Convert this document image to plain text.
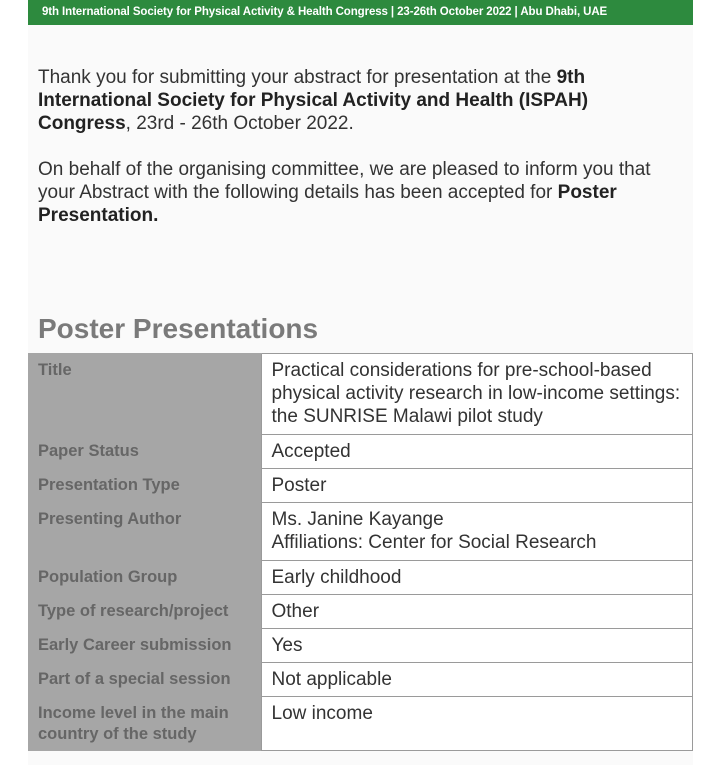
9th International Society for Physical Activity & Health Congress | 23-26th October 2022 | Abu Dhabi, UAE

Thank you for submitting your abstract for presentation at the 9th International Society for Physical Activity and Health (ISPAH) Congress, 23rd - 26th October 2022.

On behalf of the organising committee, we are pleased to inform you that your Abstract with the following details has been accepted for Poster Presentation.

Poster Presentations
Title	Practical considerations for pre-school-based physical activity research in low-income settings: the SUNRISE Malawi pilot study
Paper Status	Accepted
Presentation Type	Poster
Presenting Author	Ms. Janine Kayange
Affiliations: Center for Social Research

Population Group	Early childhood
Type of research/project	Other
Early Career submission	Yes
Part of a special session	Not applicable
Income level in the main country of the study	Low income
